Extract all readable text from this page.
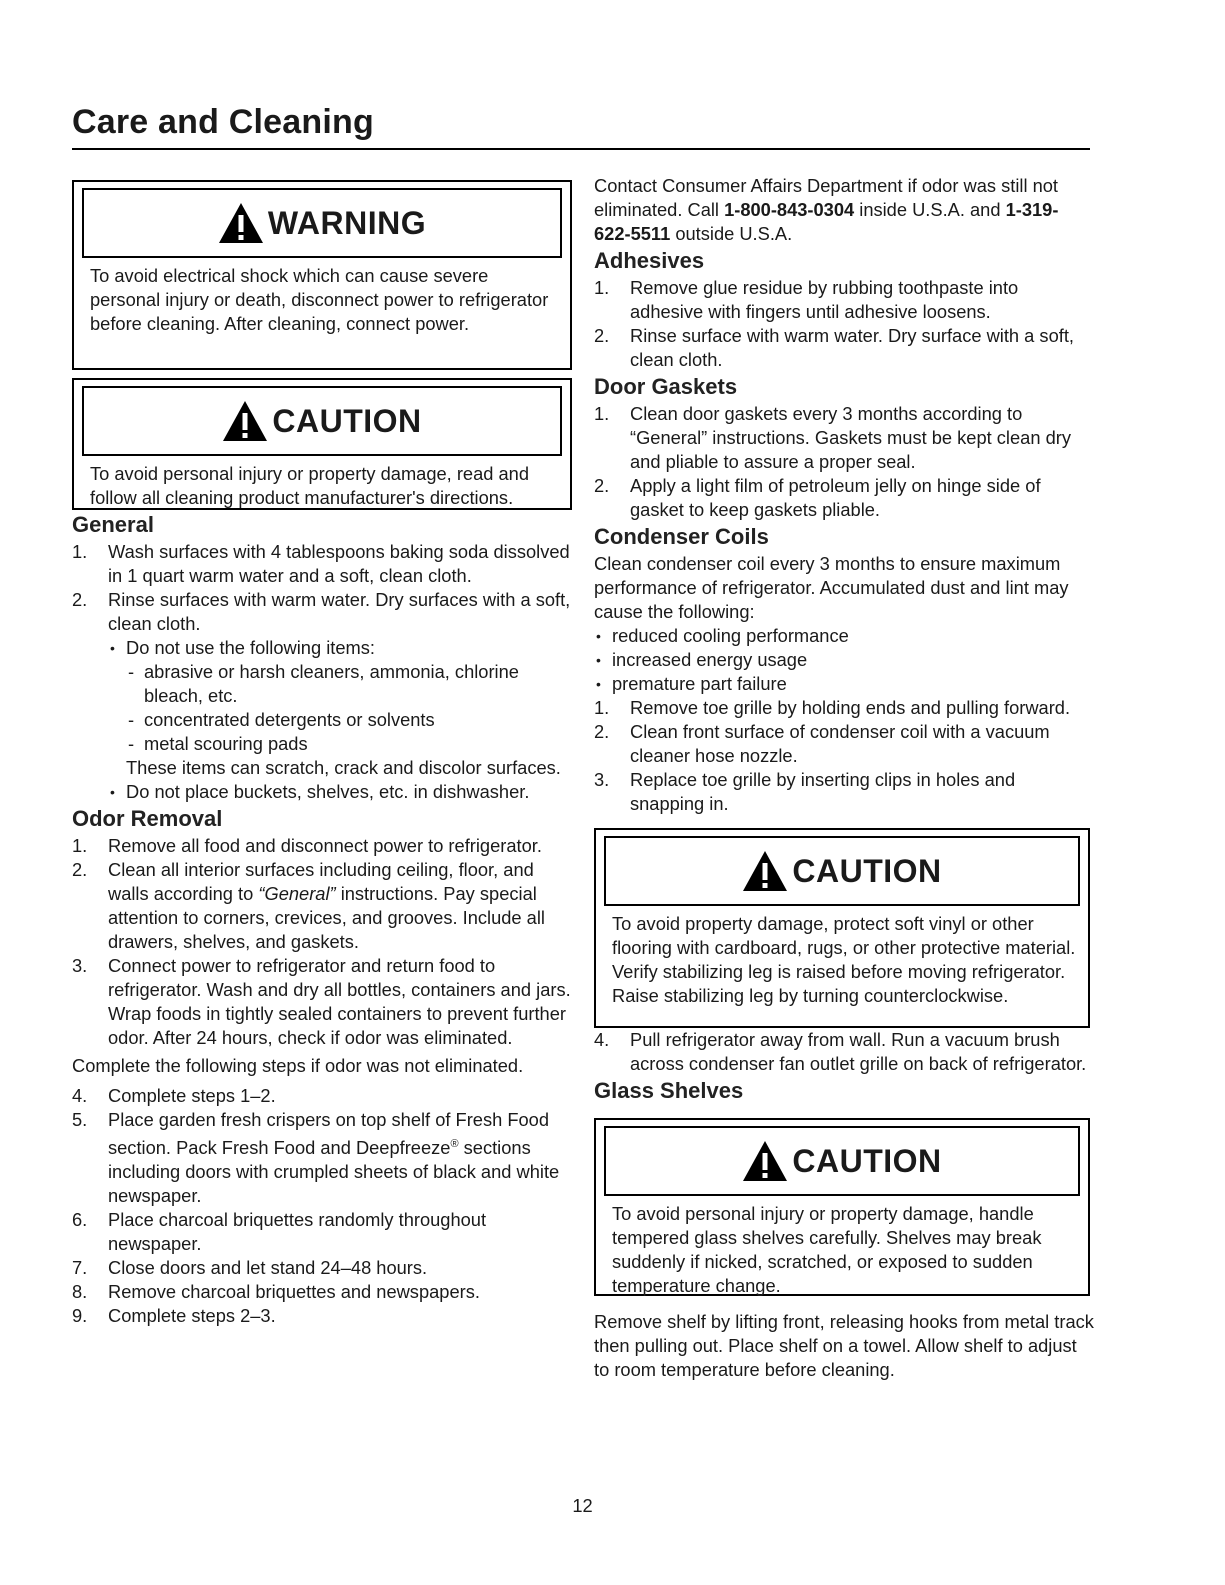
Care and Cleaning
WARNING

To avoid electrical shock which can cause severe personal injury or death, disconnect power to refrigerator before cleaning. After cleaning, connect power.

CAUTION

To avoid personal injury or property damage, read and follow all cleaning product manufacturer's directions.

General
1. Wash surfaces with 4 tablespoons baking soda dissolved in 1 quart warm water and a soft, clean cloth.
2. Rinse surfaces with warm water. Dry surfaces with a soft, clean cloth.
• Do not use the following items:
- abrasive or harsh cleaners, ammonia, chlorine bleach, etc.
- concentrated detergents or solvents
- metal scouring pads

These items can scratch, crack and discolor surfaces.

• Do not place buckets, shelves, etc. in dishwasher.
Odor Removal
1. Remove all food and disconnect power to refrigerator.
2. Clean all interior surfaces including ceiling, floor, and walls according to “General” instructions. Pay special attention to corners, crevices, and grooves. Include all drawers, shelves, and gaskets.
3. Connect power to refrigerator and return food to refrigerator. Wash and dry all bottles, containers and jars. Wrap foods in tightly sealed containers to prevent further odor. After 24 hours, check if odor was eliminated.

Complete the following steps if odor was not eliminated.

4. Complete steps 1–2.
5. Place garden fresh crispers on top shelf of Fresh Food section. Pack Fresh Food and Deepfreeze® sections including doors with crumpled sheets of black and white newspaper.
6. Place charcoal briquettes randomly throughout newspaper.
7. Close doors and let stand 24–48 hours.
8. Remove charcoal briquettes and newspapers.
9. Complete steps 2–3.

Contact Consumer Affairs Department if odor was still not eliminated. Call 1-800-843-0304 inside U.S.A. and 1-319-622-5511 outside U.S.A.

Adhesives
1. Remove glue residue by rubbing toothpaste into adhesive with fingers until adhesive loosens.
2. Rinse surface with warm water. Dry surface with a soft, clean cloth.
Door Gaskets
1. Clean door gaskets every 3 months according to “General” instructions. Gaskets must be kept clean dry and pliable to assure a proper seal.
2. Apply a light film of petroleum jelly on hinge side of gasket to keep gaskets pliable.
Condenser Coils

Clean condenser coil every 3 months to ensure maximum performance of refrigerator. Accumulated dust and lint may cause the following:

• reduced cooling performance
• increased energy usage
• premature part failure
1. Remove toe grille by holding ends and pulling forward.
2. Clean front surface of condenser coil with a vacuum cleaner hose nozzle.
3. Replace toe grille by inserting clips in holes and snapping in.
CAUTION

To avoid property damage, protect soft vinyl or other flooring with cardboard, rugs, or other protective material. Verify stabilizing leg is raised before moving refrigerator. Raise stabilizing leg by turning counterclockwise.

4. Pull refrigerator away from wall. Run a vacuum brush across condenser fan outlet grille on back of refrigerator.
Glass Shelves
CAUTION

To avoid personal injury or property damage, handle tempered glass shelves carefully. Shelves may break suddenly if nicked, scratched, or exposed to sudden temperature change.

Remove shelf by lifting front, releasing hooks from metal track then pulling out. Place shelf on a towel. Allow shelf to adjust to room temperature before cleaning.

12
